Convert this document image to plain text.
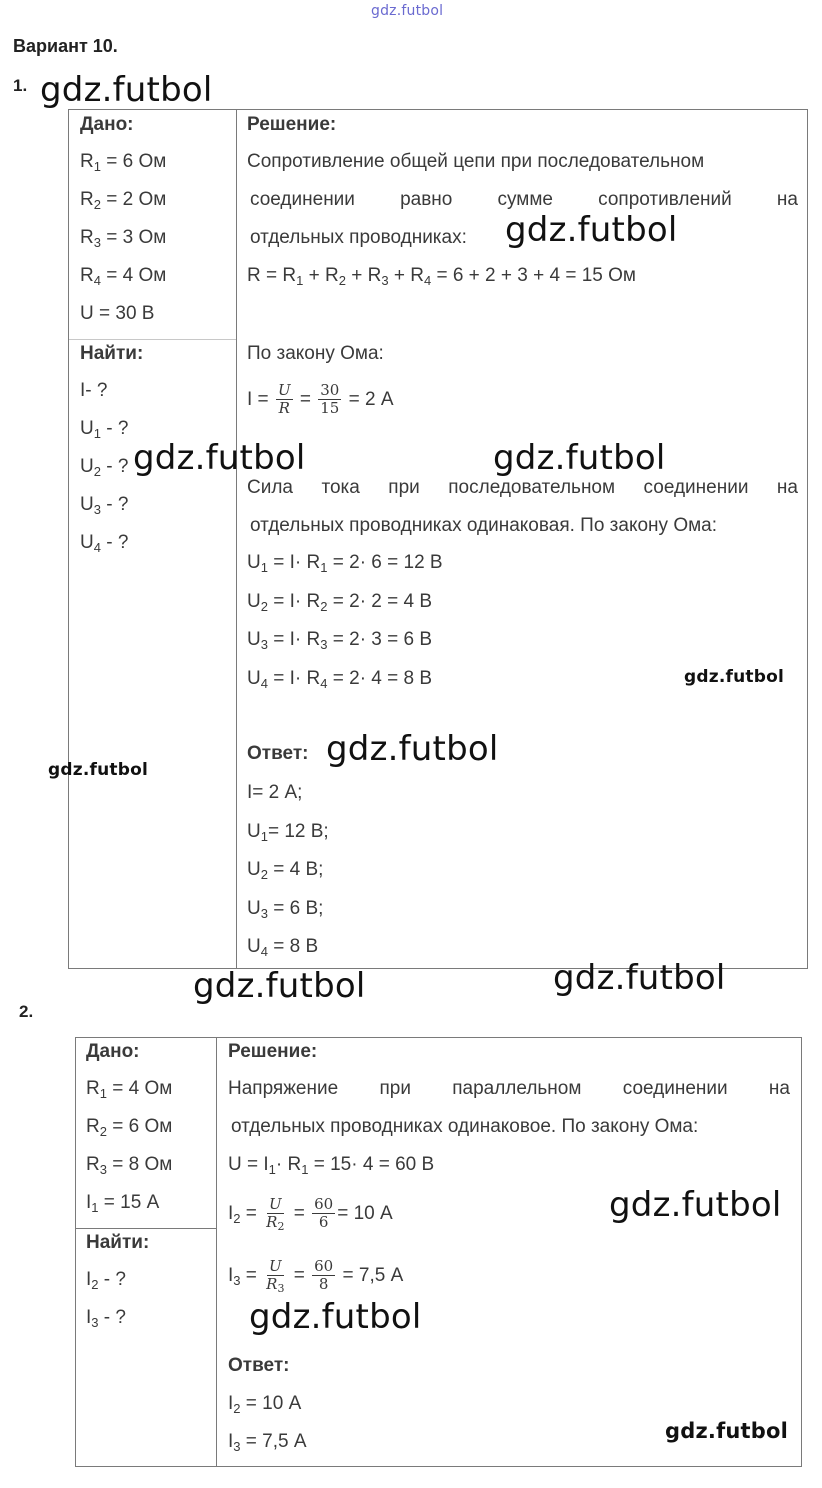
gdz.futbol
Вариант 10.
1.
Дано:
$R_1 = 6$ Ом
$R_2 = 2$ Ом
$R_3 = 3$ Ом
$R_4 = 4$ Ом
U = 30 В
Найти:
I- ?
$U_1$ - ?
$U_2$ - ?
$U_3$ - ?
$U_4$ - ?
Решение:
Сопротивление общей цепи при последовательном
соединении равно сумме сопротивлений на
отдельных проводниках:
$R = R_1 + R_2 + R_3 + R_4 = 6 + 2 + 3 + 4 = 15$ Ом
По закону Ома:
$I = \frac{U}{R} = \frac{30}{15} = 2$ А
Сила тока при последовательном соединении на
отдельных проводниках одинаковая. По закону Ома:
$U_1 = I\cdot R_1 = 2\cdot 6 = 12$ В
$U_2 = I\cdot R_2 = 2\cdot 2 = 4$ В
$U_3 = I\cdot R_3 = 2\cdot 3 = 6$ В
$U_4 = I\cdot R_4 = 2\cdot 4 = 8$ В
Ответ:
I= 2 А;
$U_1= 12$ В;
$U_2 = 4$ В;
$U_3 = 6$ В;
$U_4 = 8$ В
2.
Дано:
$R_1 = 4$ Ом
$R_2 = 6$ Ом
$R_3 = 8$ Ом
$I_1 = 15$ А
Найти:
$I_2$ - ?
$I_3$ - ?
Решение:
Напряжение при параллельном соединении на
отдельных проводниках одинаковое. По закону Ома:
$U = I_1\cdot R_1 = 15\cdot 4 = 60$ В
$I_2 = \frac{U}{R_2} = \frac{60}{6} = 10$ А
$I_3 = \frac{U}{R_3} = \frac{60}{8} = 7,5$ А
Ответ:
$I_2 = 10$ А
$I_3 = 7,5$ А
gdz.futbol
gdz.futbol
gdz.futbol	gdz.futbol
gdz.futbol
gdz.futbol
gdz.futbol
gdz.futbol	gdz.futbol
gdz.futbol
gdz.futbol
gdz.futbol
